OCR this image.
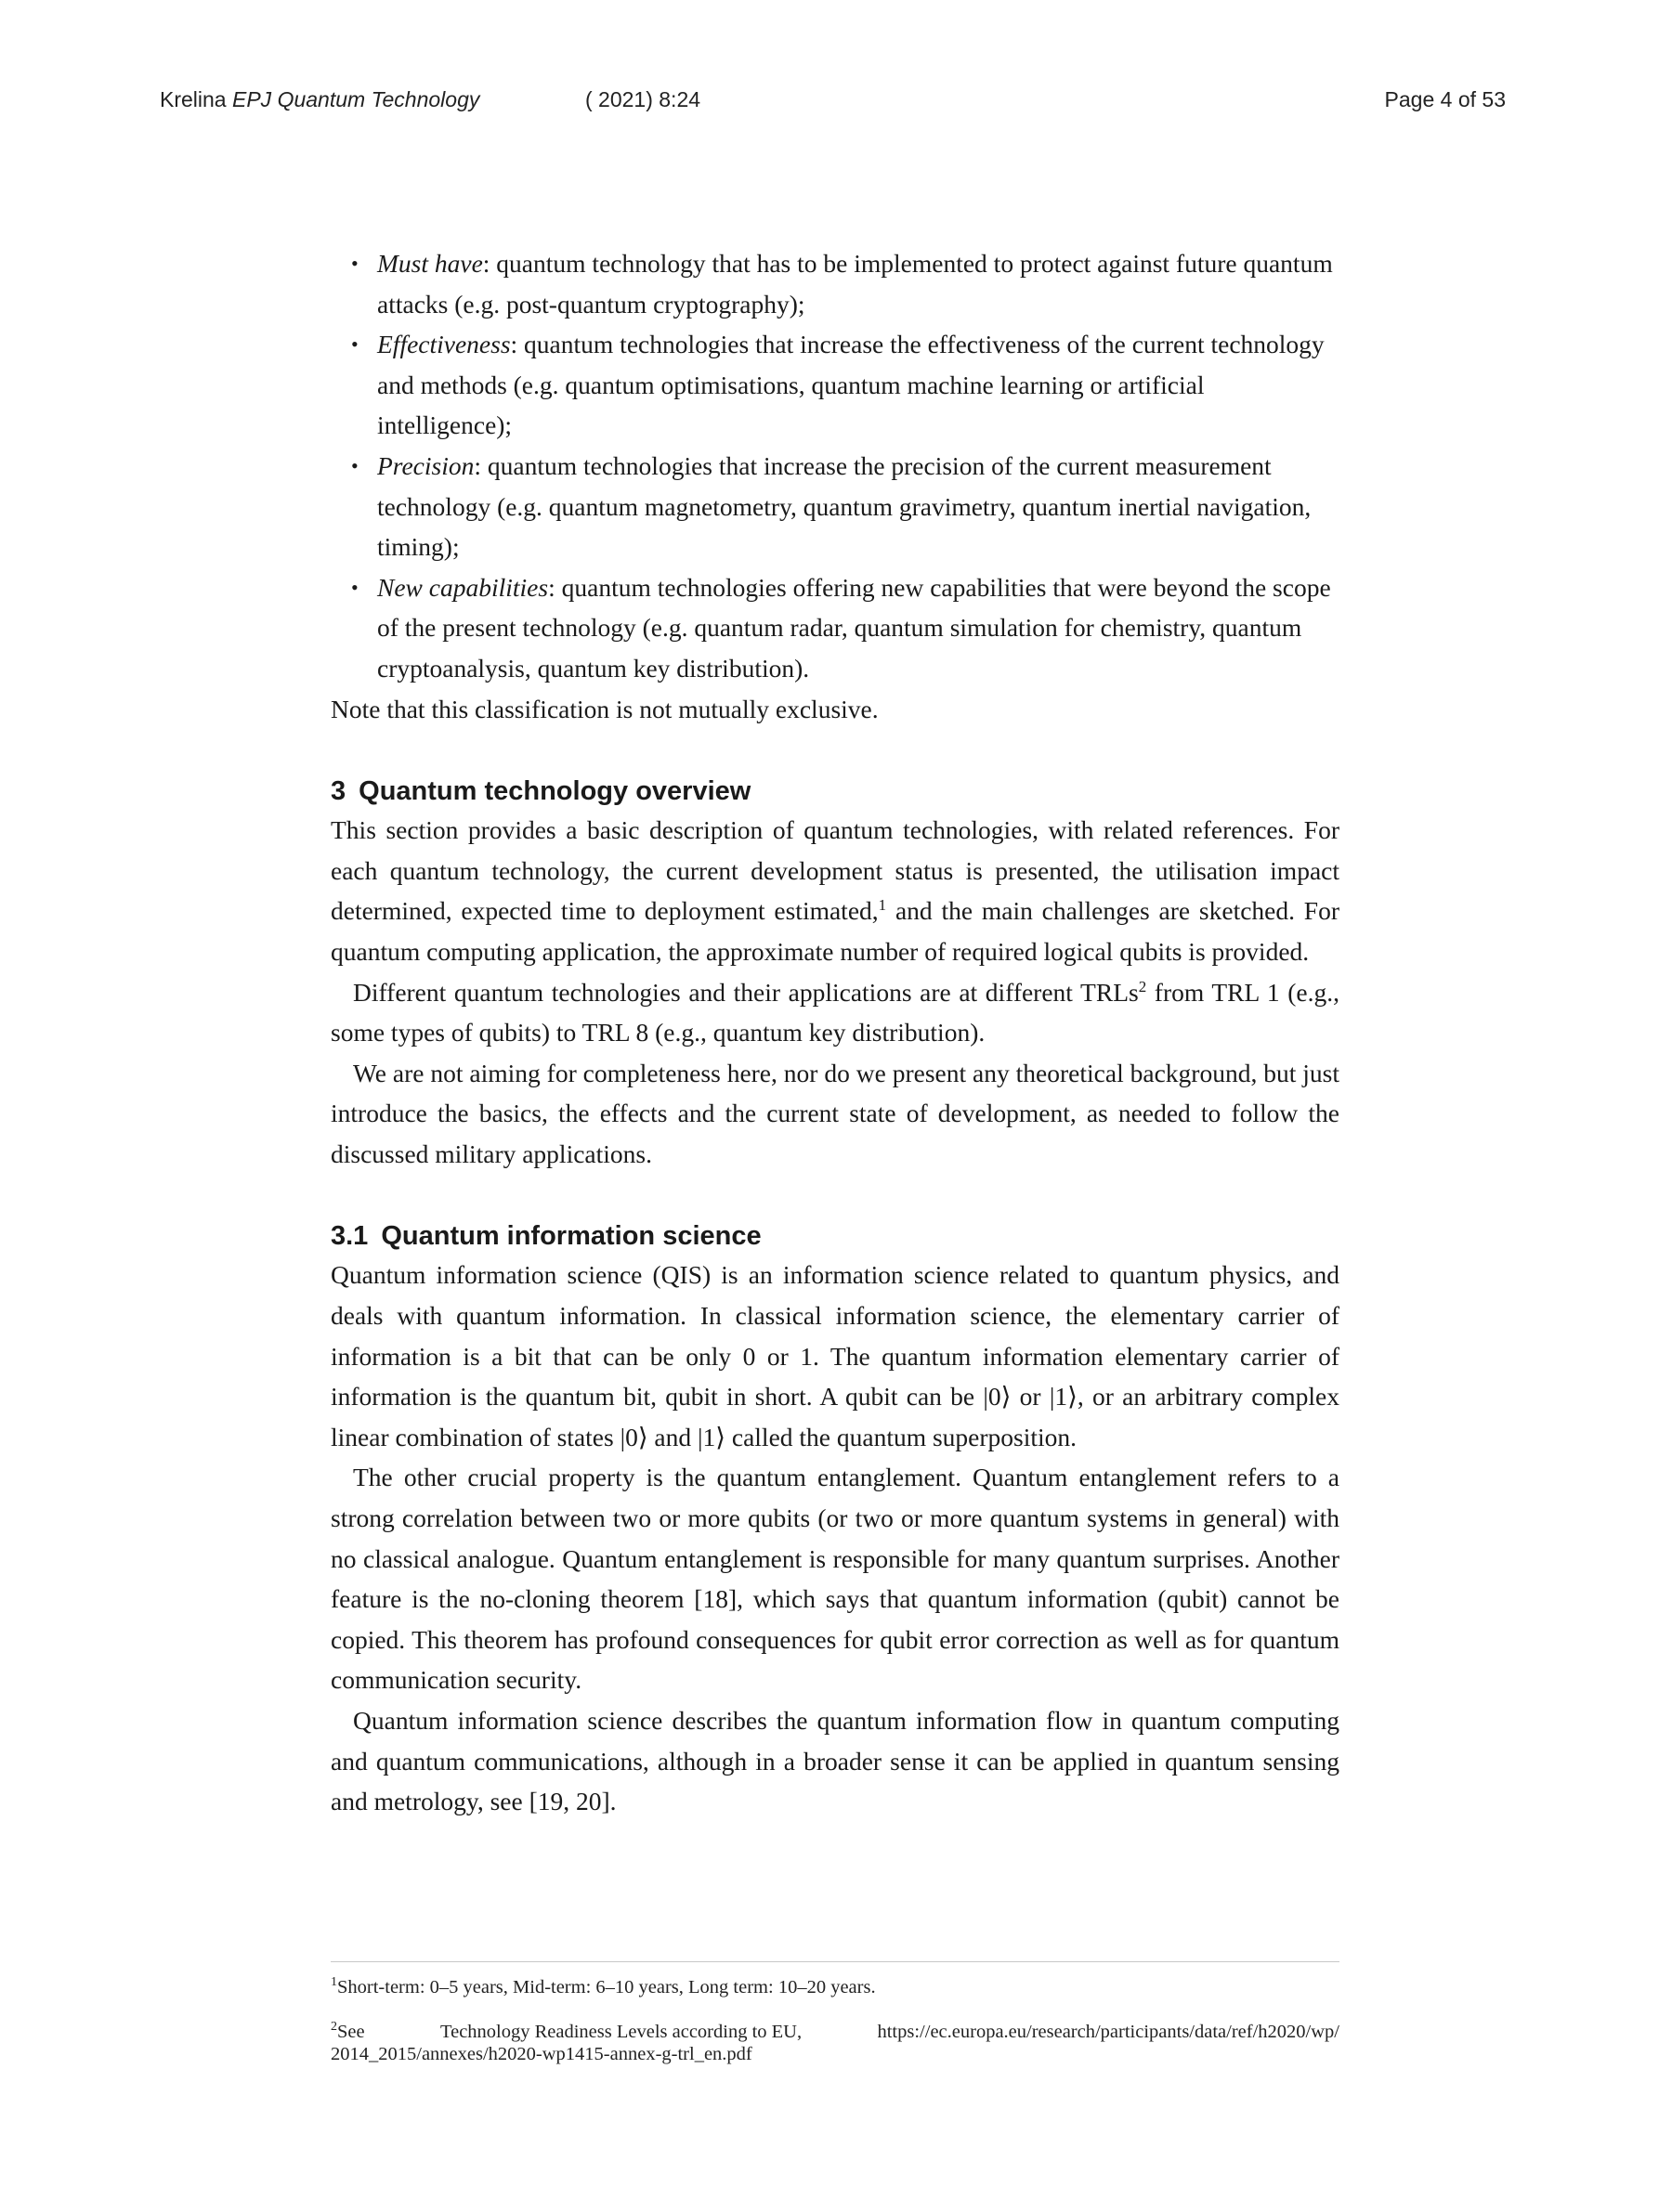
Krelina EPJ Quantum Technology	( 2021) 8:24	Page 4 of 53
• Must have: quantum technology that has to be implemented to protect against future quantum attacks (e.g. post-quantum cryptography);
• Effectiveness: quantum technologies that increase the effectiveness of the current technology and methods (e.g. quantum optimisations, quantum machine learning or artificial intelligence);
• Precision: quantum technologies that increase the precision of the current measurement technology (e.g. quantum magnetometry, quantum gravimetry, quantum inertial navigation, timing);
• New capabilities: quantum technologies offering new capabilities that were beyond the scope of the present technology (e.g. quantum radar, quantum simulation for chemistry, quantum cryptoanalysis, quantum key distribution).

Note that this classification is not mutually exclusive.

3 Quantum technology overview

This section provides a basic description of quantum technologies, with related references. For each quantum technology, the current development status is presented, the utilisation impact determined, expected time to deployment estimated,$^1$ and the main challenges are sketched. For quantum computing application, the approximate number of required logical qubits is provided.

Different quantum technologies and their applications are at different TRLs$^2$ from TRL 1 (e.g., some types of qubits) to TRL 8 (e.g., quantum key distribution).

We are not aiming for completeness here, nor do we present any theoretical background, but just introduce the basics, the effects and the current state of development, as needed to follow the discussed military applications.

3.1 Quantum information science

Quantum information science (QIS) is an information science related to quantum physics, and deals with quantum information. In classical information science, the elementary carrier of information is a bit that can be only 0 or 1. The quantum information elementary carrier of information is the quantum bit, qubit in short. A qubit can be |0⟩ or |1⟩, or an arbitrary complex linear combination of states |0⟩ and |1⟩ called the quantum superposition.

The other crucial property is the quantum entanglement. Quantum entanglement refers to a strong correlation between two or more qubits (or two or more quantum systems in general) with no classical analogue. Quantum entanglement is responsible for many quantum surprises. Another feature is the no-cloning theorem [18], which says that quantum information (qubit) cannot be copied. This theorem has profound consequences for qubit error correction as well as for quantum communication security.

Quantum information science describes the quantum information flow in quantum computing and quantum communications, although in a broader sense it can be applied in quantum sensing and metrology, see [19, 20].

$^1$Short-term: 0–5 years, Mid-term: 6–10 years, Long term: 10–20 years.
$^2$See	Technology Readiness Levels according to EU,	https://ec.europa.eu/research/participants/data/ref/h2020/wp/
2014_2015/annexes/h2020-wp1415-annex-g-trl_en.pdf
